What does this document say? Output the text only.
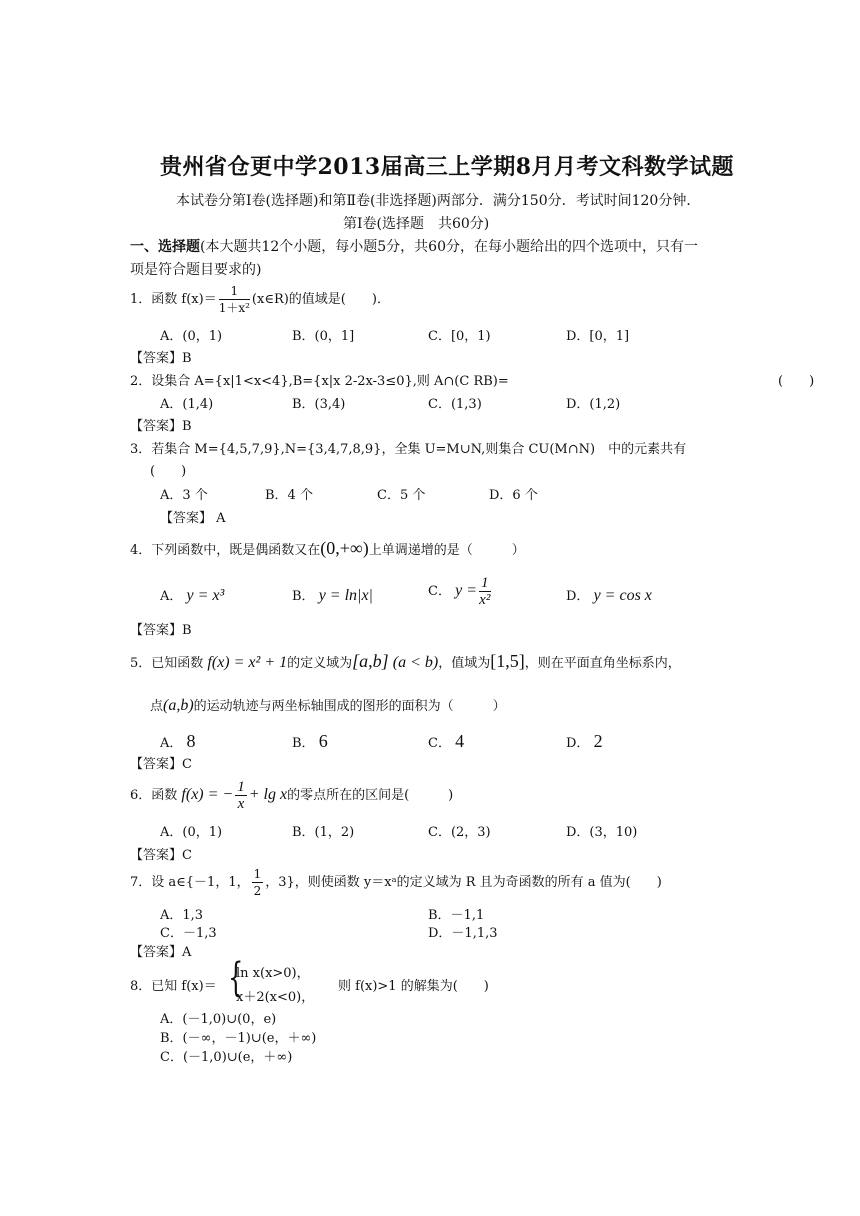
贵州省仓更中学2013届高三上学期8月月考文科数学试题
本试卷分第Ⅰ卷(选择题)和第Ⅱ卷(非选择题)两部分．满分150分．考试时间120分钟．
第Ⅰ卷(选择题　共60分)
一、选择题(本大题共12个小题，每小题5分，共60分，在每小题给出的四个选项中，只有一
项是符合题目要求的)
1．函数 $f(x)= \frac{1}{\text{1＋x²}}$ (x∈R)的值域是(　　)．
A．(0，1)	B．(0，1]	C．[0，1)	D．[0，1]
【答案】B
2．设集合 A={x|1<x<4},B={x|x 2-2x-3≤0},则 A∩(C RB)=	(　　)
A．(1,4)	B．(3,4)	C．(1,3)	D．(1,2)
【答案】B
3．若集合 M={4,5,7,9},N={3,4,7,8,9}，全集 U=M∪N,则集合 CU(M∩N)　中的元素共有
(　　)
A．3 个	B．4 个	C．5 个	D．6 个
【答案】 A
4．下列函数中，既是偶函数又在(0,+∞)上单调递增的是（　　　）
A． y = x³	B． y = ln|x|	C． $y = \frac{1}{\text{x²}}$	D． y = cos x
【答案】B
5．已知函数 f(x) = x² + 1的定义域为[a,b] (a < b)，值域为[1,5]，则在平面直角坐标系内，
点(a,b)的运动轨迹与两坐标轴围成的图形的面积为（　　　）
A． 8	B． 6	C． 4	D． 2
【答案】C
6．函数 f(x) = − $\frac{1}{x} + \lg x$的零点所在的区间是(　　　)
A．(0，1)	B．(1，2)	C．(2，3)	D．(3，10)
【答案】C
7．设 a∈{－1，1， $\frac{1}{2}$ ，3}，则使函数 y＝xᵃ的定义域为 R 且为奇函数的所有 a 值为(　　)
A．1,3	B．－1,1
C．－1,3	D．－1,1,3
【答案】A
8．已知 f(x)＝ {
ln x(x>0)，
x＋2(x<0)，
则 f(x)>1 的解集为(　　)
A．(－1,0)∪(0，e)
B．(－∞，－1)∪(e，＋∞)
C．(－1,0)∪(e，＋∞)
